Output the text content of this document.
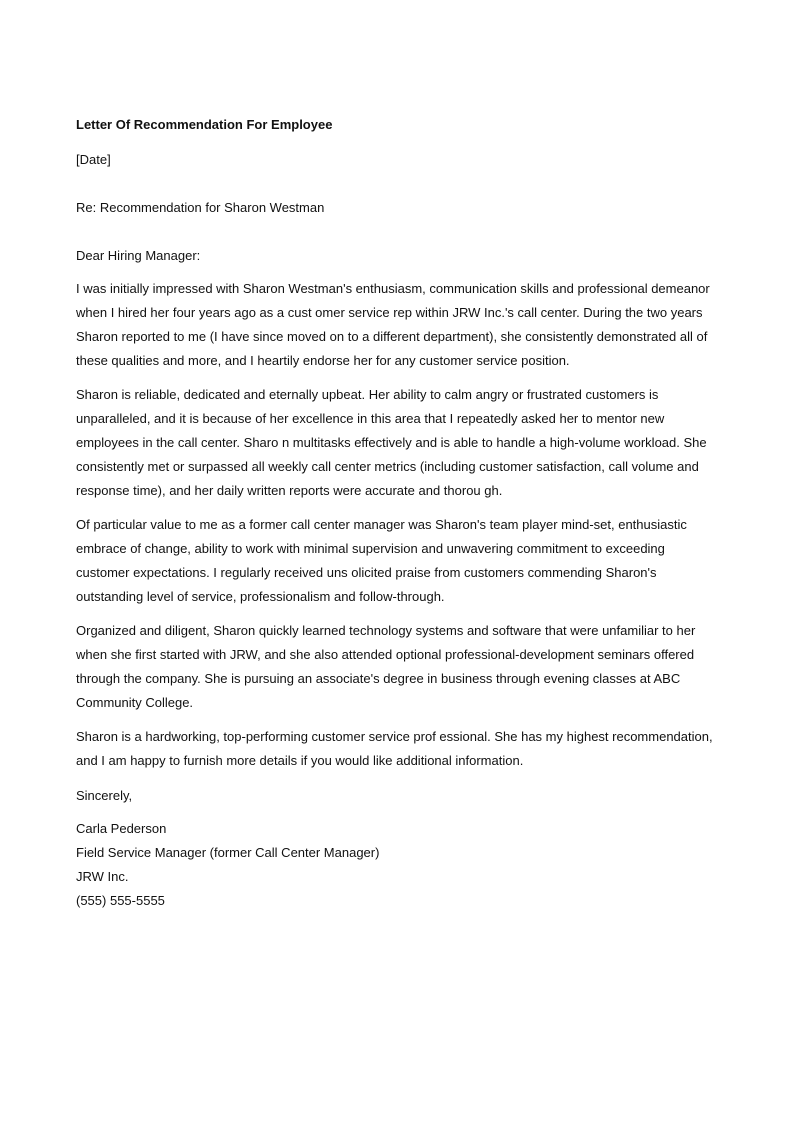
Letter Of Recommendation For Employee

[Date]

Re: Recommendation for Sharon Westman

Dear Hiring Manager:

I was initially impressed with Sharon Westman's enthusiasm, communication skills and professional demeanor when I hired her four years ago as a cust omer service rep within JRW Inc.'s call center. During the two years Sharon reported to me (I have since moved on to a different department), she consistently demonstrated all of these qualities and more, and I heartily endorse her for any customer service position.

Sharon is reliable, dedicated and eternally upbeat. Her ability to calm angry or frustrated customers is unparalleled, and it is because of her excellence in this area that I repeatedly asked her to mentor new employees in the call center. Sharo n multitasks effectively and is able to handle a high-volume workload. She consistently met or surpassed all weekly call center metrics (including customer satisfaction, call volume and response time), and her daily written reports were accurate and thorou gh.

Of particular value to me as a former call center manager was Sharon's team player mind-set, enthusiastic embrace of change, ability to work with minimal supervision and unwavering commitment to exceeding customer expectations. I regularly received uns olicited praise from customers commending Sharon's outstanding level of service, professionalism and follow-through.

Organized and diligent, Sharon quickly learned technology systems and software that were unfamiliar to her when she first started with JRW, and she also attended optional professional-development seminars offered through the company. She is pursuing an associate's degree in business through evening classes at ABC Community College.

Sharon is a hardworking, top-performing customer service prof essional. She has my highest recommendation, and I am happy to furnish more details if you would like additional information.

Sincerely,

Carla Pederson

Field Service Manager (former Call Center Manager)

JRW Inc.

(555) 555-5555
